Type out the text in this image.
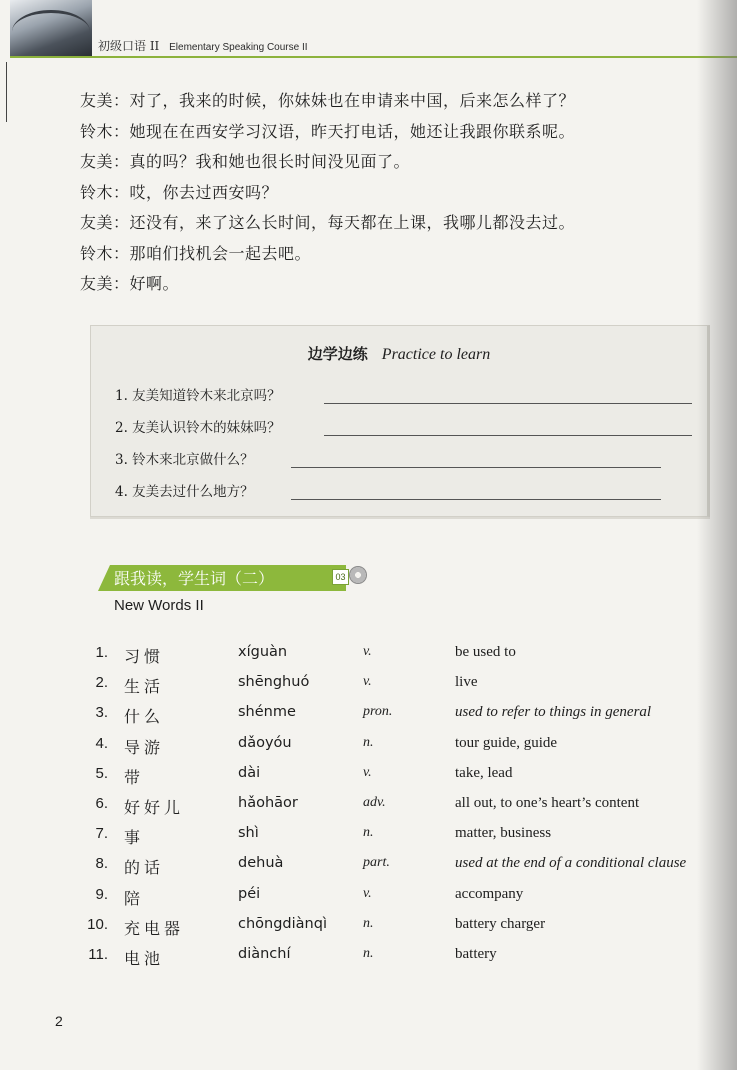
初级口语 II Elementary Speaking Course II
友美：对了，我来的时候，你妹妹也在申请来中国，后来怎么样了？
铃木：她现在在西安学习汉语，昨天打电话，她还让我跟你联系呢。
友美：真的吗？我和她也很长时间没见面了。
铃木：哎，你去过西安吗？
友美：还没有，来了这么长时间，每天都在上课，我哪儿都没去过。
铃木：那咱们找机会一起去吧。
友美：好啊。
边学边练 Practice to learn
1. 友美知道铃木来北京吗？
2. 友美认识铃木的妹妹吗？
3. 铃木来北京做什么？
4. 友美去过什么地方？
跟我读，学生词（二）	03
New Words II
1. 习惯	xíguàn	v.	be used to
2. 生活	shēnghuó	v.	live
3. 什么	shénme	pron.	used to refer to things in general
4. 导游	dǎoyóu	n.	tour guide, guide
5. 带	dài	v.	take, lead
6. 好好儿	hǎohāor	adv.	all out, to one’s heart’s content
7. 事	shì	n.	matter, business
8. 的话	dehuà	part.	used at the end of a conditional clause
9. 陪	péi	v.	accompany
10. 充电器	chōngdiànqì	n.	battery charger
11. 电池	diànchí	n.	battery
2
